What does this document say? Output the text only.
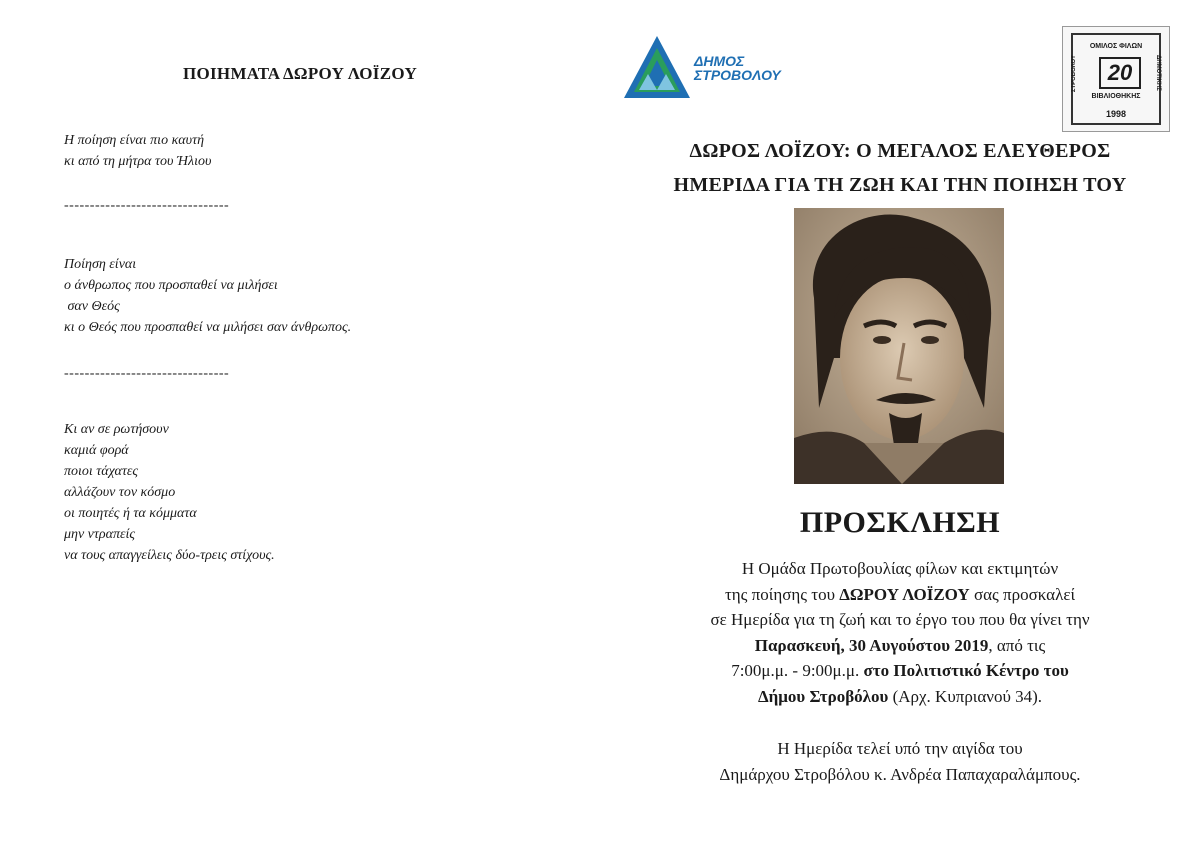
ΠΟΙΗΜΑΤΑ ΔΩΡΟΥ ΛΟΪΖΟΥ
Η ποίηση είναι πιο καυτή
κι από τη μήτρα του Ήλιου
--------------------------------
Ποίηση είναι
ο άνθρωπος που προσπαθεί να μιλήσει
σαν Θεός
κι ο Θεός που προσπαθεί να μιλήσει σαν άνθρωπος.
--------------------------------
Κι αν σε ρωτήσουν
καμιά φορά
ποιοι τάχατες
αλλάζουν τον κόσμο
οι ποιητές ή τα κόμματα
μην ντραπείς
να τους απαγγείλεις δύο-τρεις στίχους.
ΔΗΜΟΣ
ΣΤΡΟΒΟΛΟΥ
ΟΜΙΛΟΣ ΦΙΛΩΝ
20
ΒΙΒΛΙΟΘΗΚΗΣ
1998
ΣΤΡΟΒΟΛΟΥ	ΔΗΜΟΤΙΚΗΣ
ΔΩΡΟΣ ΛΟΪΖΟΥ: Ο ΜΕΓΑΛΟΣ ΕΛΕΥΘΕΡΟΣ
ΗΜΕΡΙΔΑ ΓΙΑ ΤΗ ΖΩΗ ΚΑΙ ΤΗΝ ΠΟΙΗΣΗ ΤΟΥ
ΠΡΟΣΚΛΗΣΗ

Η Ομάδα Πρωτοβουλίας φίλων και εκτιμητών

της ποίησης του ΔΩΡΟΥ ΛΟΪΖΟΥ σας προσκαλεί

σε Ημερίδα για τη ζωή και το έργο του που θα γίνει την

Παρασκευή, 30 Αυγούστου 2019, από τις

7:00μ.μ. - 9:00μ.μ. στο Πολιτιστικό Κέντρο του

Δήμου Στροβόλου (Αρχ. Κυπριανού 34).

Η Ημερίδα τελεί υπό την αιγίδα του

Δημάρχου Στροβόλου κ. Ανδρέα Παπαχαραλάμπους.
